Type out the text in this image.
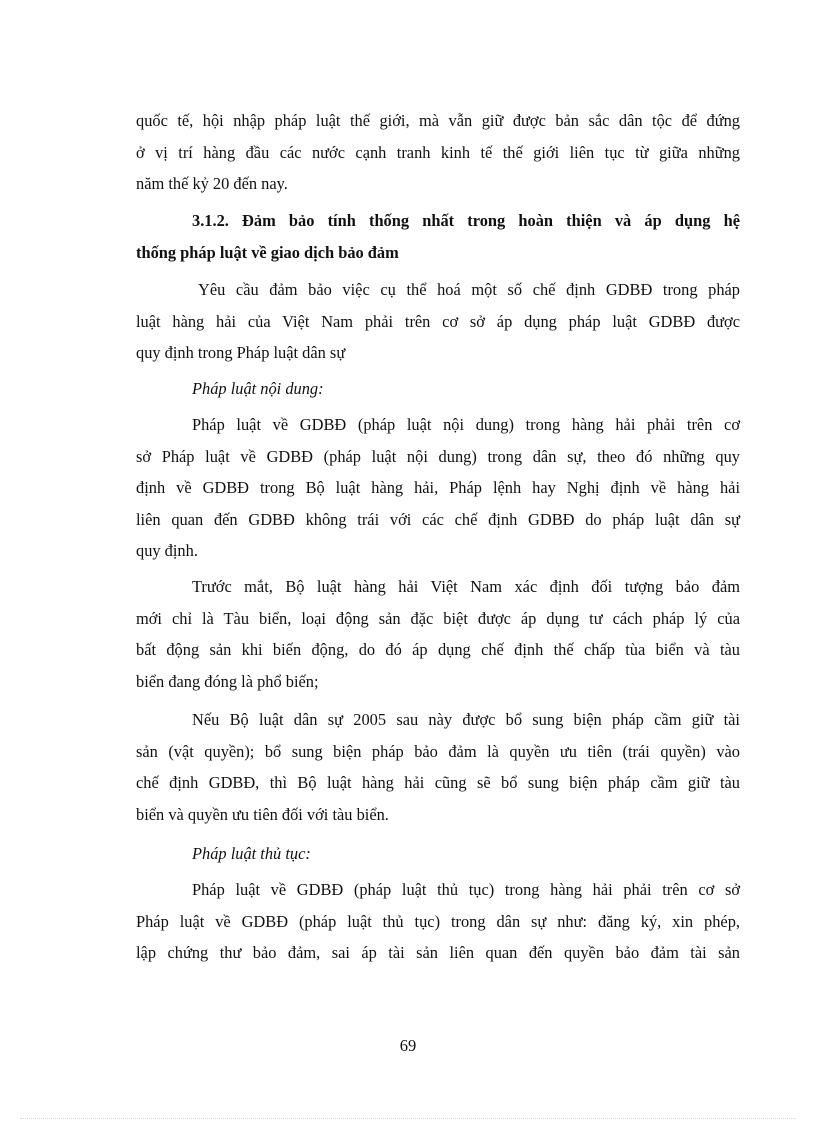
quốc tế, hội nhập pháp luật thế giới, mà vẫn giữ được bản sắc dân tộc để đứng
ở vị trí hàng đầu các nước cạnh tranh kinh tế thế giới liên tục từ giữa những
năm thế kỷ 20 đến nay.
3.1.2. Đảm bảo tính thống nhất trong hoàn thiện và áp dụng hệ
thống pháp luật về giao dịch bảo đảm
Yêu cầu đảm bảo việc cụ thể hoá một số chế định GDBĐ trong pháp
luật hàng hải của Việt Nam phải trên cơ sở áp dụng pháp luật GDBĐ được
quy định trong Pháp luật dân sự
Pháp luật nội dung:
Pháp luật về GDBĐ (pháp luật nội dung) trong hàng hải phải trên cơ
sở Pháp luật về GDBĐ (pháp luật nội dung) trong dân sự, theo đó những quy
định về GDBĐ trong Bộ luật hàng hải, Pháp lệnh hay Nghị định về hàng hải
liên quan đến GDBĐ không trái với các chế định GDBĐ do pháp luật dân sự
quy định.
Trước mắt, Bộ luật hàng hải Việt Nam xác định đối tượng bảo đảm
mới chỉ là Tàu biển, loại động sản đặc biệt được áp dụng tư cách pháp lý của
bất động sản khi biến động, do đó áp dụng chế định thế chấp tùa biển và tàu
biển đang đóng là phổ biến;
Nếu Bộ luật dân sự 2005 sau này được bổ sung biện pháp cầm giữ tài
sản (vật quyền); bổ sung biện pháp bảo đảm là quyền ưu tiên (trái quyền) vào
chế định GDBĐ, thì Bộ luật hàng hải cũng sẽ bổ sung biện pháp cầm giữ tàu
biển và quyền ưu tiên đối với tàu biển.
Pháp luật thủ tục:
Pháp luật về GDBĐ (pháp luật thủ tục) trong hàng hải phải trên cơ sở
Pháp luật về GDBĐ (pháp luật thủ tục) trong dân sự như: đăng ký, xin phép,
lập chứng thư bảo đảm, sai áp tài sản liên quan đến quyền bảo đảm tài sản
69
